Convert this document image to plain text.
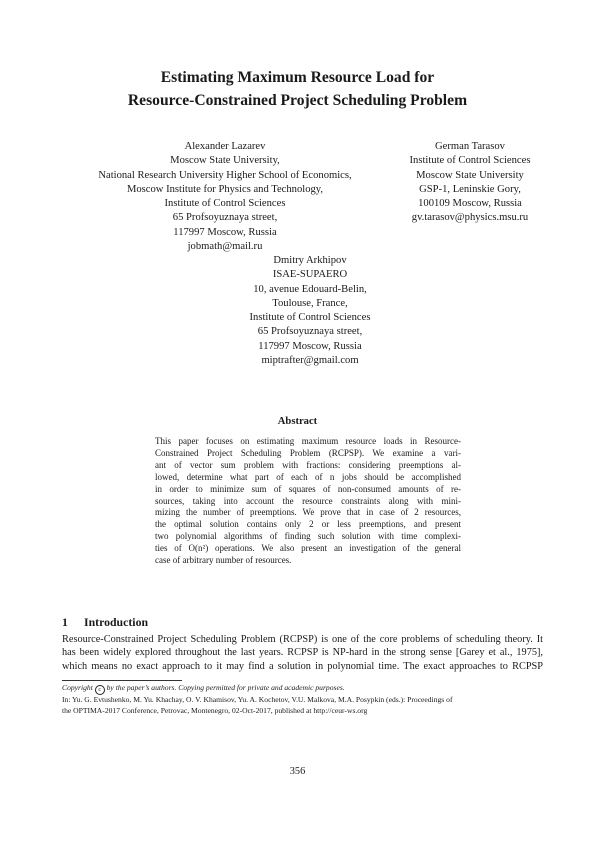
Estimating Maximum Resource Load for
Resource-Constrained Project Scheduling Problem
Alexander Lazarev
Moscow State University,
National Research University Higher School of Economics,
Moscow Institute for Physics and Technology,
Institute of Control Sciences
65 Profsoyuznaya street,
117997 Moscow, Russia
jobmath@mail.ru
German Tarasov
Institute of Control Sciences
Moscow State University
GSP-1, Leninskie Gory,
100109 Moscow, Russia
gv.tarasov@physics.msu.ru
Dmitry Arkhipov
ISAE-SUPAERO
10, avenue Edouard-Belin,
Toulouse, France,
Institute of Control Sciences
65 Profsoyuznaya street,
117997 Moscow, Russia
miptrafter@gmail.com
Abstract
This paper focuses on estimating maximum resource loads in Resource-
Constrained Project Scheduling Problem (RCPSP). We examine a vari-
ant of vector sum problem with fractions: considering preemptions al-
lowed, determine what part of each of n jobs should be accomplished
in order to minimize sum of squares of non-consumed amounts of re-
sources, taking into account the resource constraints along with mini-
mizing the number of preemptions. We prove that in case of 2 resources,
the optimal solution contains only 2 or less preemptions, and present
two polynomial algorithms of finding such solution with time complexi-
ties of O(n²) operations. We also present an investigation of the general
case of arbitrary number of resources.
1 Introduction
Resource-Constrained Project Scheduling Problem (RCPSP) is one of the core problems of scheduling theory. It
has been widely explored throughout the last years. RCPSP is NP-hard in the strong sense [Garey et al., 1975],
which means no exact approach to it may find a solution in polynomial time. The exact approaches to RCPSP
Copyright c by the paper’s authors. Copying permitted for private and academic purposes.
In: Yu. G. Evtushenko, M. Yu. Khachay, O. V. Khamisov, Yu. A. Kochetov, V.U. Malkova, M.A. Posypkin (eds.): Proceedings of
the OPTIMA-2017 Conference, Petrovac, Montenegro, 02-Oct-2017, published at http://ceur-ws.org
356
